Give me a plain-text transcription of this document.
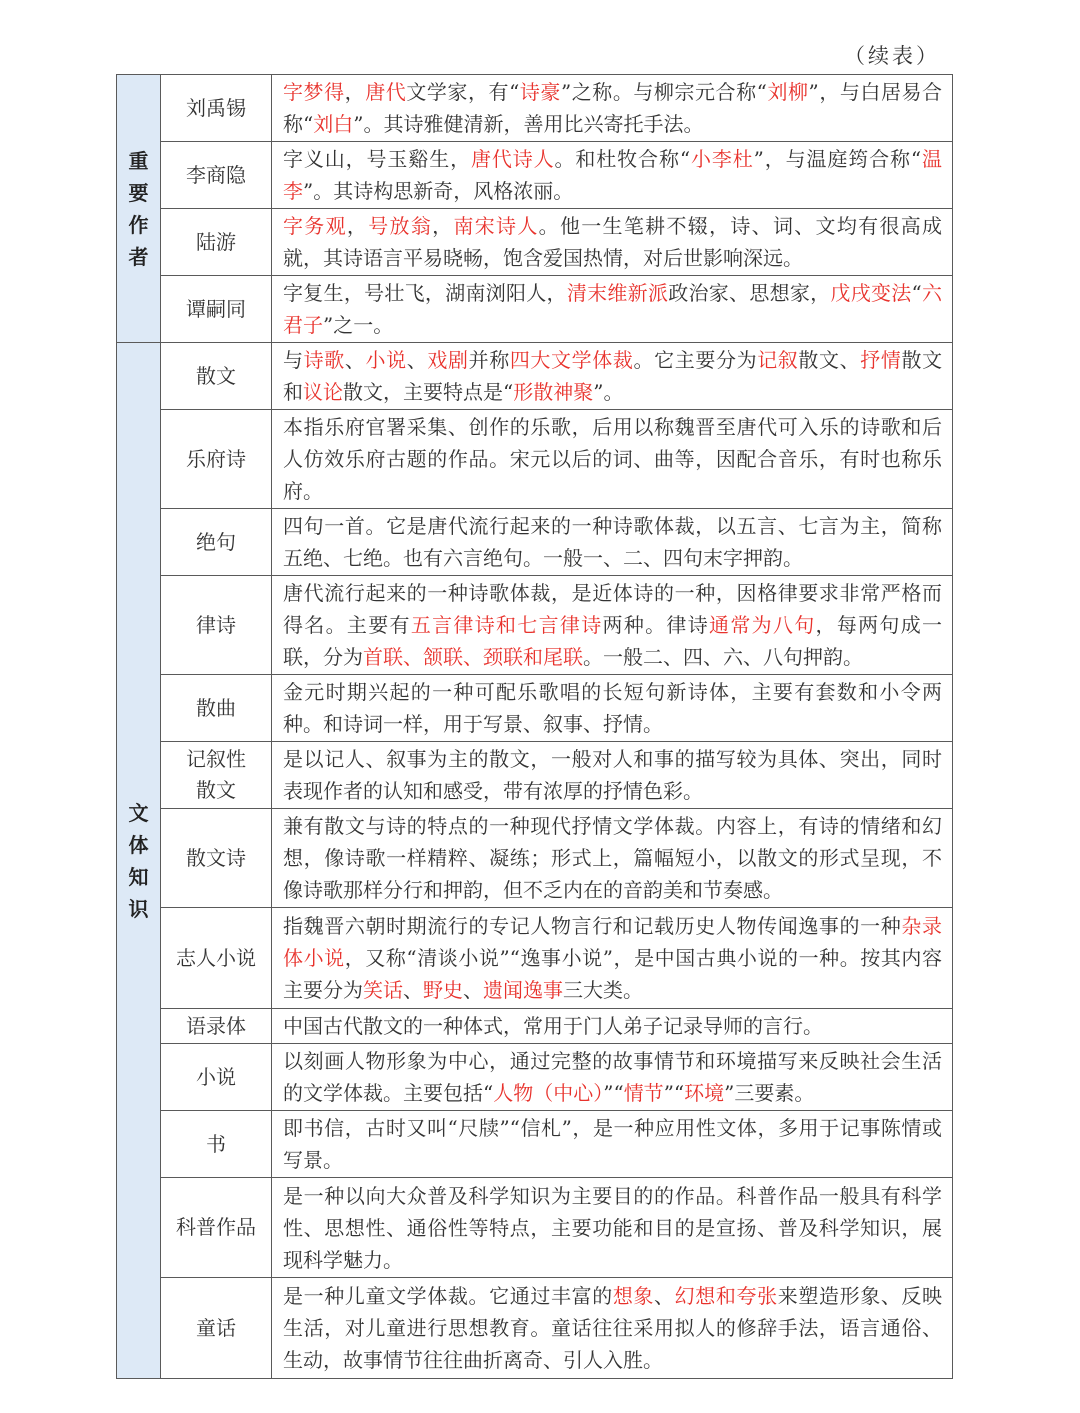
（续表）
重要作者	刘禹锡	字梦得，唐代文学家，有“诗豪”之称。与柳宗元合称“刘柳”，与白居易合称“刘白”。其诗雅健清新，善用比兴寄托手法。
	李商隐	字义山，号玉谿生，唐代诗人。和杜牧合称“小李杜”，与温庭筠合称“温李”。其诗构思新奇，风格浓丽。
	陆游	字务观，号放翁，南宋诗人。他一生笔耕不辍，诗、词、文均有很高成就，其诗语言平易晓畅，饱含爱国热情，对后世影响深远。
	谭嗣同	字复生，号壮飞，湖南浏阳人，清末维新派政治家、思想家，戊戌变法“六君子”之一。
文体知识	散文	与诗歌、小说、戏剧并称四大文学体裁。它主要分为记叙散文、抒情散文和议论散文，主要特点是“形散神聚”。
	乐府诗	本指乐府官署采集、创作的乐歌，后用以称魏晋至唐代可入乐的诗歌和后人仿效乐府古题的作品。宋元以后的词、曲等，因配合音乐，有时也称乐府。
	绝句	四句一首。它是唐代流行起来的一种诗歌体裁，以五言、七言为主，简称五绝、七绝。也有六言绝句。一般一、二、四句末字押韵。
	律诗	唐代流行起来的一种诗歌体裁，是近体诗的一种，因格律要求非常严格而得名。主要有五言律诗和七言律诗两种。律诗通常为八句，每两句成一联，分为首联、颔联、颈联和尾联。一般二、四、六、八句押韵。
	散曲	金元时期兴起的一种可配乐歌唱的长短句新诗体，主要有套数和小令两种。和诗词一样，用于写景、叙事、抒情。
	记叙性散文	是以记人、叙事为主的散文，一般对人和事的描写较为具体、突出，同时表现作者的认知和感受，带有浓厚的抒情色彩。
	散文诗	兼有散文与诗的特点的一种现代抒情文学体裁。内容上，有诗的情绪和幻想，像诗歌一样精粹、凝练；形式上，篇幅短小，以散文的形式呈现，不像诗歌那样分行和押韵，但不乏内在的音韵美和节奏感。
	志人小说	指魏晋六朝时期流行的专记人物言行和记载历史人物传闻逸事的一种杂录体小说，又称“清谈小说”“逸事小说”，是中国古典小说的一种。按其内容主要分为笑话、野史、遗闻逸事三大类。
	语录体	中国古代散文的一种体式，常用于门人弟子记录导师的言行。
	小说	以刻画人物形象为中心，通过完整的故事情节和环境描写来反映社会生活的文学体裁。主要包括“人物（中心）”“情节”“环境”三要素。
	书	即书信，古时又叫“尺牍”“信札”，是一种应用性文体，多用于记事陈情或写景。
	科普作品	是一种以向大众普及科学知识为主要目的的作品。科普作品一般具有科学性、思想性、通俗性等特点，主要功能和目的是宣扬、普及科学知识，展现科学魅力。
	童话	是一种儿童文学体裁。它通过丰富的想象、幻想和夸张来塑造形象、反映生活，对儿童进行思想教育。童话往往采用拟人的修辞手法，语言通俗、生动，故事情节往往曲折离奇、引人入胜。
